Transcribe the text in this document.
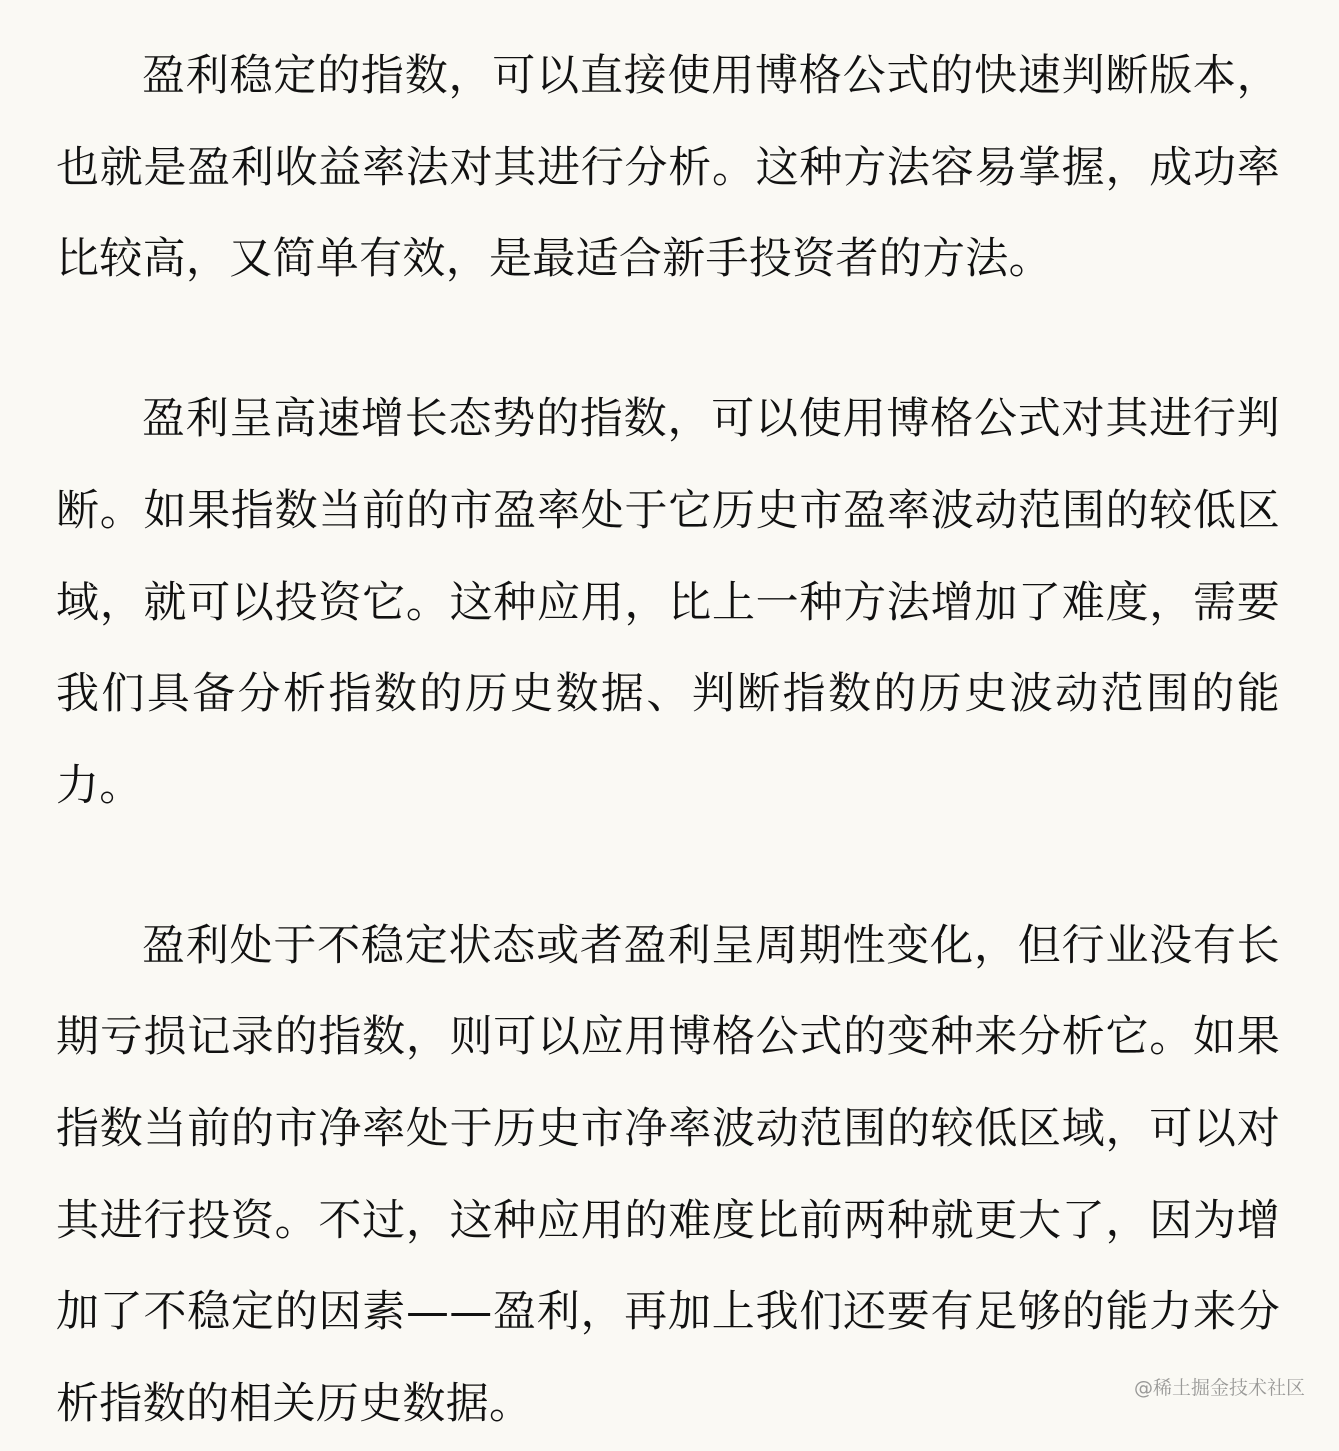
盈利稳定的指数，可以直接使用博格公式的快速判断版本，也就是盈利收益率法对其进行分析。这种方法容易掌握，成功率比较高，又简单有效，是最适合新手投资者的方法。

盈利呈高速增长态势的指数，可以使用博格公式对其进行判断。如果指数当前的市盈率处于它历史市盈率波动范围的较低区域，就可以投资它。这种应用，比上一种方法增加了难度，需要我们具备分析指数的历史数据、判断指数的历史波动范围的能力。

盈利处于不稳定状态或者盈利呈周期性变化，但行业没有长期亏损记录的指数，则可以应用博格公式的变种来分析它。如果指数当前的市净率处于历史市净率波动范围的较低区域，可以对其进行投资。不过，这种应用的难度比前两种就更大了，因为增加了不稳定的因素——盈利，再加上我们还要有足够的能力来分析指数的相关历史数据。	@稀土掘金技术社区
